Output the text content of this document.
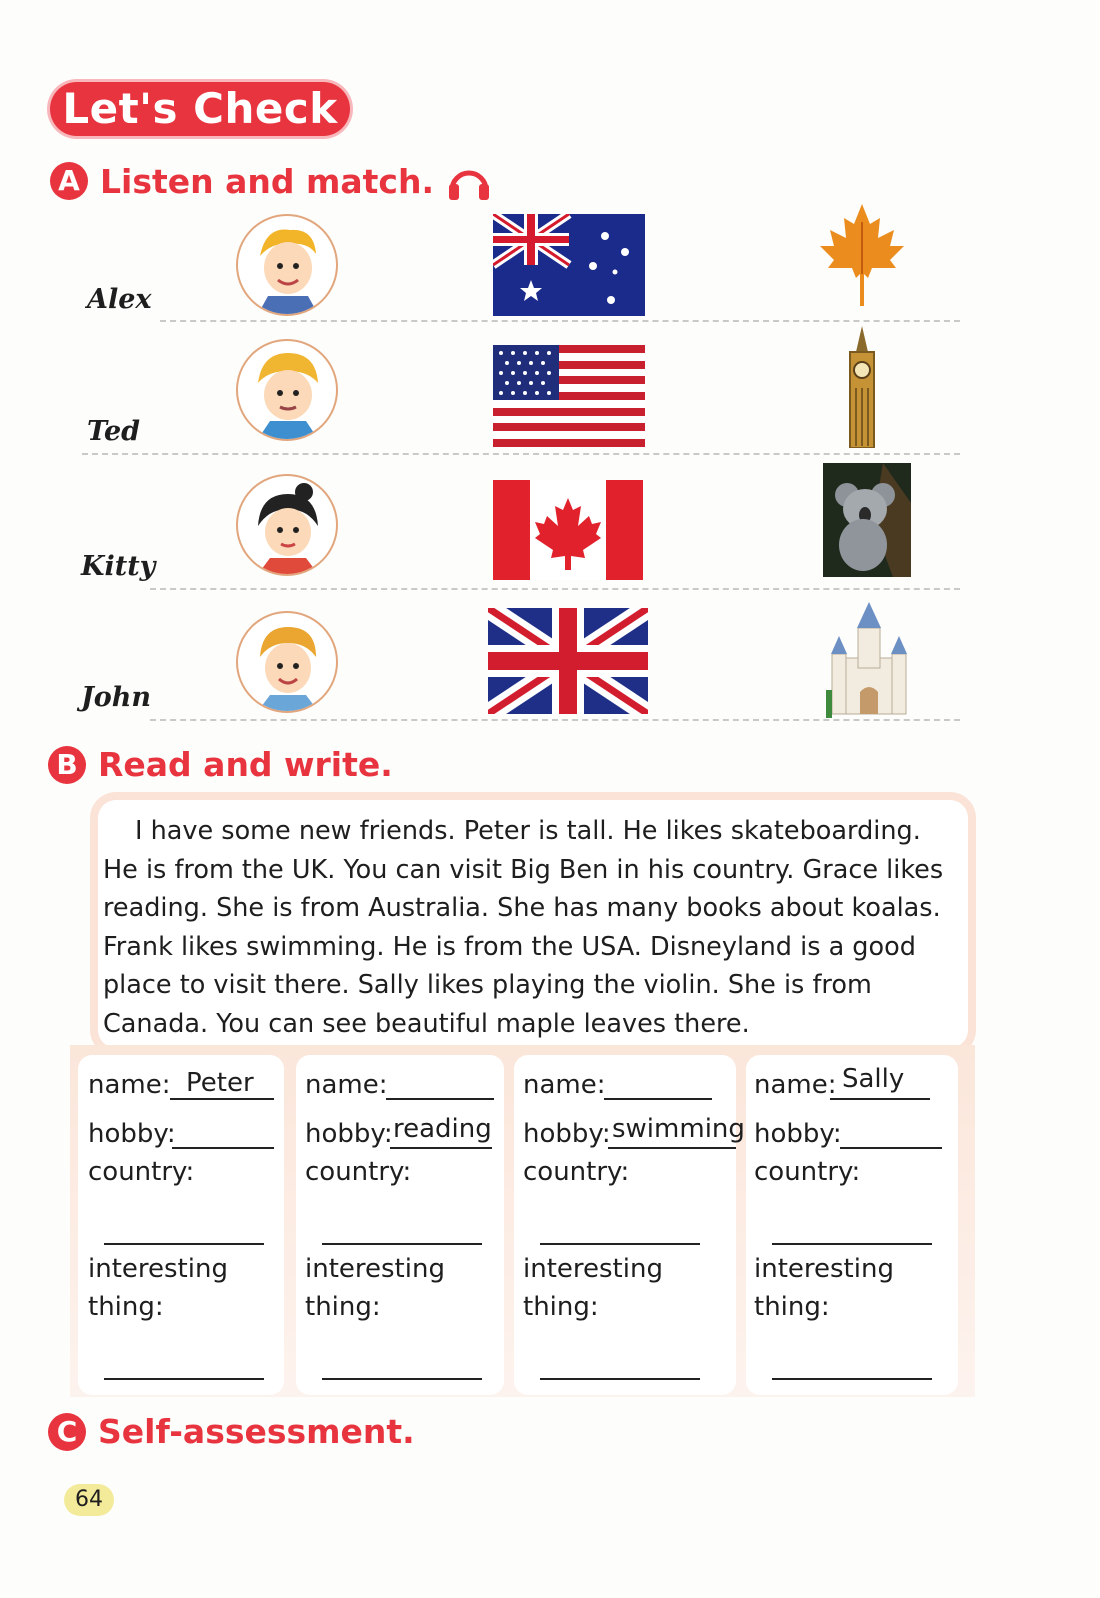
Let's Check
A Listen and match.
Alex
Ted
Kitty
John
B Read and write.

I have some new friends. Peter is tall. He likes skateboarding. He is from the UK. You can visit Big Ben in his country. Grace likes reading. She is from Australia. She has many books about koalas. Frank likes swimming. He is from the USA. Disneyland is a good place to visit there. Sally likes playing the violin. She is from Canada. You can see beautiful maple leaves there.

name: Peter
hobby:
country:
interesting
thing:
name:
hobby: reading
country:
interesting
thing:
name:
hobby: swimming
country:
interesting
thing:
name: Sally
hobby:
country:
interesting
thing:
C Self-assessment.
64
